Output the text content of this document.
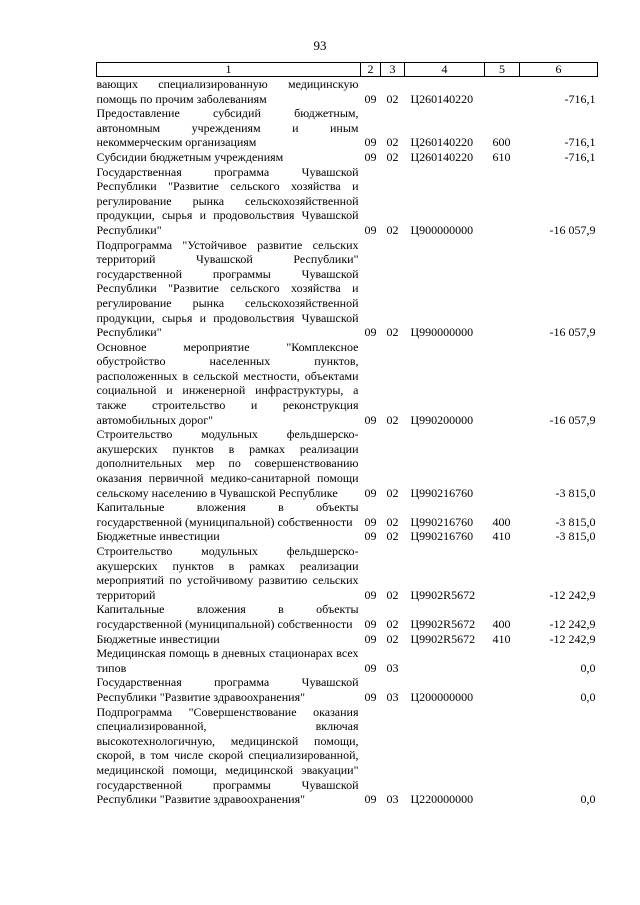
93
1	2	3	4	5	6
вающих специализированную медицинскую помощь по прочим заболеваниям	09	02	Ц260140220		-716,1
Предоставление субсидий бюджетным, автономным учреждениям и иным некоммерческим организациям	09	02	Ц260140220	600	-716,1
Субсидии бюджетным учреждениям	09	02	Ц260140220	610	-716,1
Государственная программа Чувашской Республики "Развитие сельского хозяйства и регулирование рынка сельскохозяйственной продукции, сырья и продовольствия Чувашской Республики"	09	02	Ц900000000		-16 057,9
Подпрограмма "Устойчивое развитие сельских территорий Чувашской Республики" государственной программы Чувашской Республики "Развитие сельского хозяйства и регулирование рынка сельскохозяйственной продукции, сырья и продовольствия Чувашской Республики"	09	02	Ц990000000		-16 057,9
Основное мероприятие "Комплексное обустройство населенных пунктов, расположенных в сельской местности, объектами социальной и инженерной инфраструктуры, а также строительство и реконструкция автомобильных дорог"	09	02	Ц990200000		-16 057,9
Строительство модульных фельдшерско-акушерских пунктов в рамках реализации дополнительных мер по совершенствованию оказания первичной медико-санитарной помощи сельскому населению в Чувашской Республике	09	02	Ц990216760		-3 815,0
Капитальные вложения в объекты государственной (муниципальной) собственности	09	02	Ц990216760	400	-3 815,0
Бюджетные инвестиции	09	02	Ц990216760	410	-3 815,0
Строительство модульных фельдшерско-акушерских пунктов в рамках реализации мероприятий по устойчивому развитию сельских территорий	09	02	Ц9902R5672		-12 242,9
Капитальные вложения в объекты государственной (муниципальной) собственности	09	02	Ц9902R5672	400	-12 242,9
Бюджетные инвестиции	09	02	Ц9902R5672	410	-12 242,9
Медицинская помощь в дневных стационарах всех типов	09	03			0,0
Государственная программа Чувашской Республики "Развитие здравоохранения"	09	03	Ц200000000		0,0
Подпрограмма "Совершенствование оказания специализированной, включая высокотехнологичную, медицинской помощи, скорой, в том числе скорой специализированной, медицинской помощи, медицинской эвакуации" государственной программы Чувашской Республики "Развитие здравоохранения"	09	03	Ц220000000		0,0
